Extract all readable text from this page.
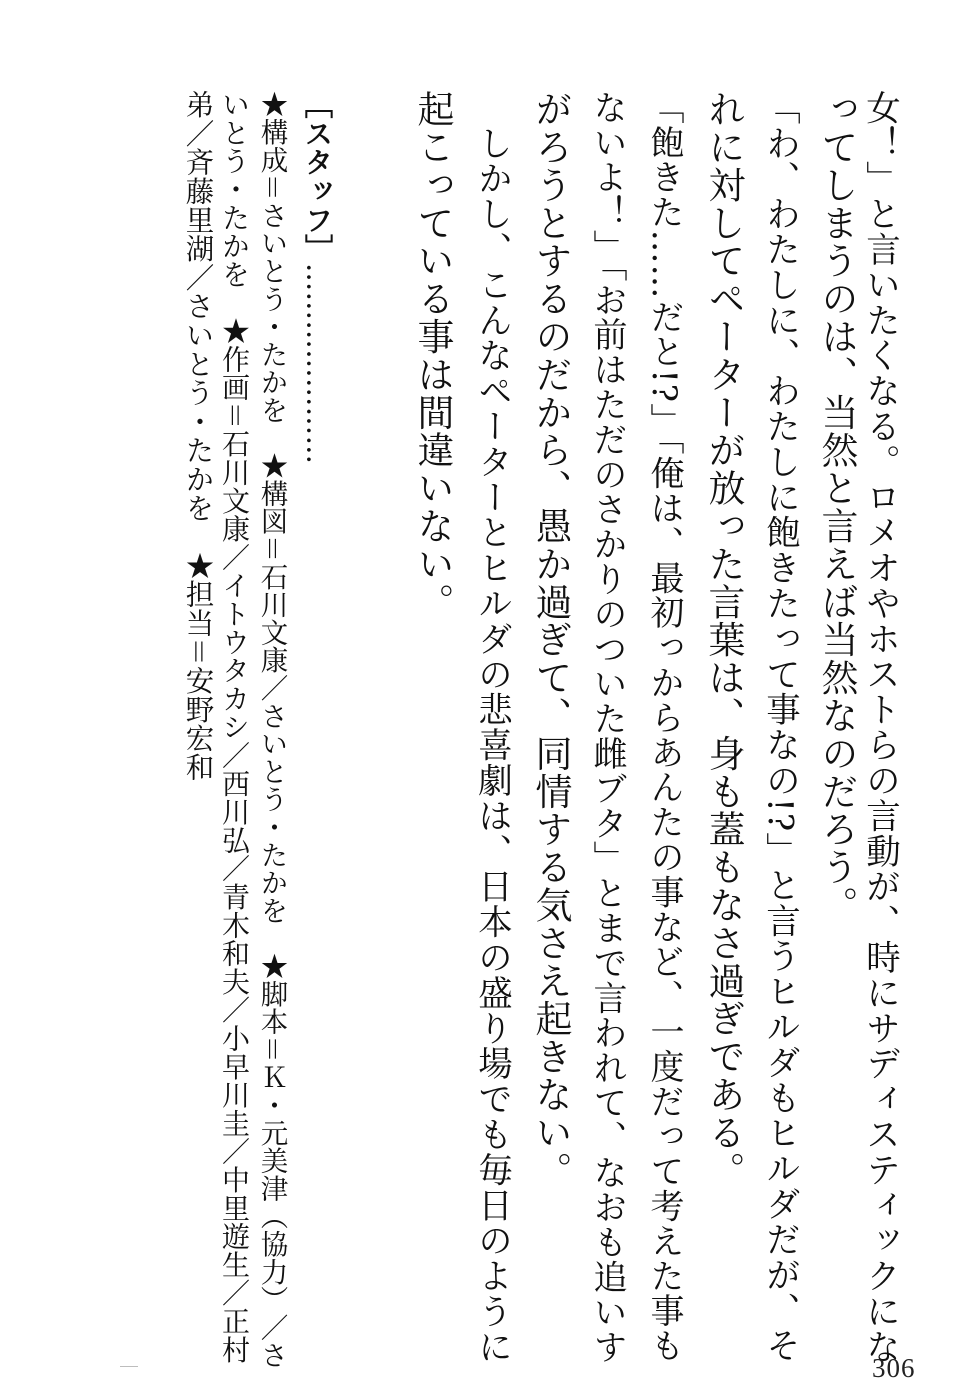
女！」と言いたくなる。ロメオやホストらの言動が、時にサディスティックにな

ってしまうのは、当然と言えば当然なのだろう。

「わ、わたしに、わたしに飽きたって事なの!?」と言うヒルダもヒルダだが、そ

れに対してペーターが放った言葉は、身も蓋もなさ過ぎである。

「飽きた……だと!?」「俺は、最初っからあんたの事など、一度だって考えた事も

ないよ！」「お前はただのさかりのついた雌ブタ」とまで言われて、なおも追いす

がろうとするのだから、愚か過ぎて、同情する気さえ起きない。

　しかし、こんなペーターとヒルダの悲喜劇は、日本の盛り場でも毎日のように

起こっている事は間違いない。

［スタッフ］…………………

★構成＝さいとう・たかを　★構図＝石川文康／さいとう・たかを　★脚本＝Ｋ・元美津（協力）／さ

いとう・たかを　★作画＝石川文康／イトウタカシ／西川弘／青木和夫／小早川圭／中里遊生／正村

弟／斉藤里湖／さいとう・たかを　★担当＝安野宏和

306
